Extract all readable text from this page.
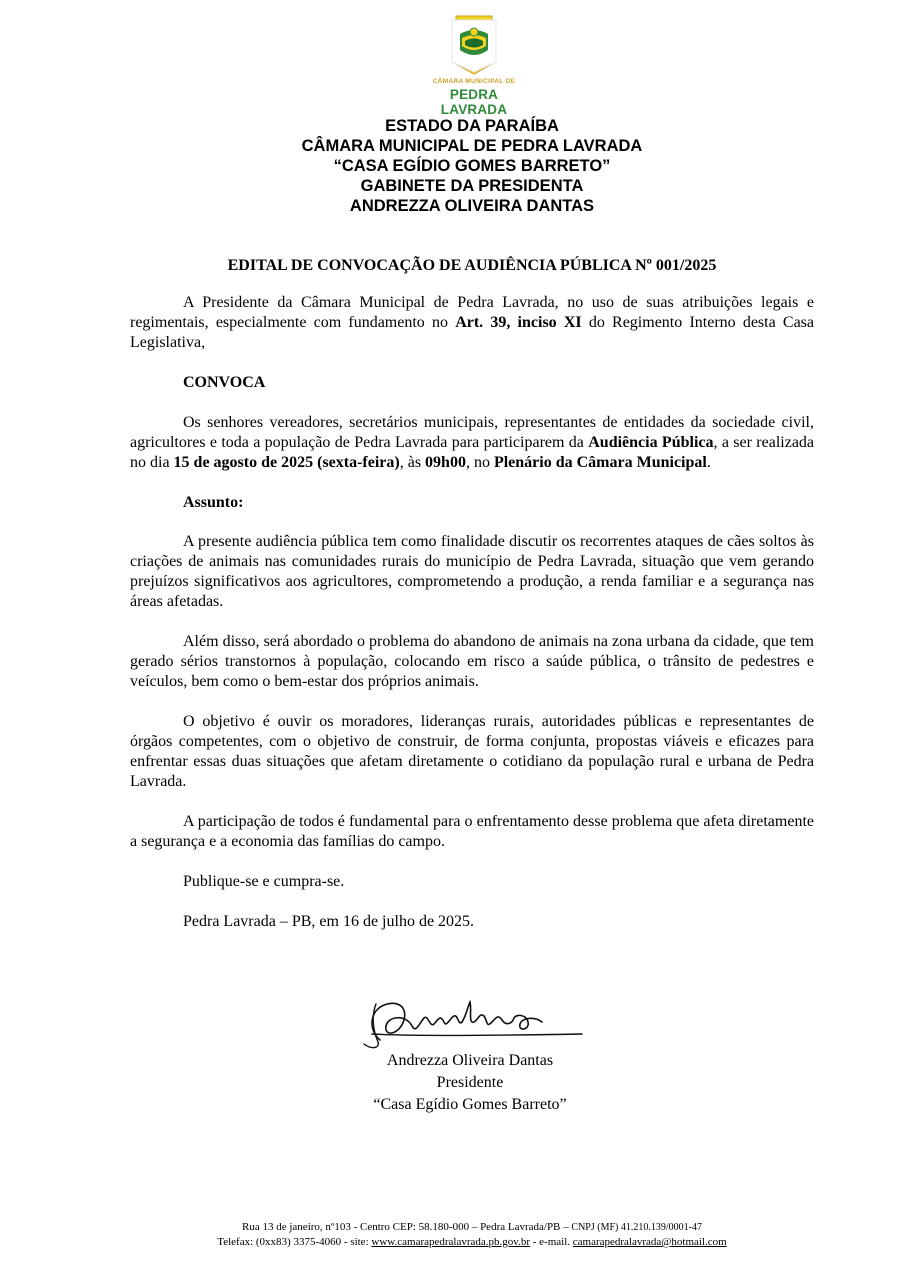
CÂMARA MUNICIPAL DE
PEDRA LAVRADA
ESTADO DA PARAÍBA
CÂMARA MUNICIPAL DE PEDRA LAVRADA
“CASA EGÍDIO GOMES BARRETO”
GABINETE DA PRESIDENTA
ANDREZZA OLIVEIRA DANTAS
EDITAL DE CONVOCAÇÃO DE AUDIÊNCIA PÚBLICA Nº 001/2025

A Presidente da Câmara Municipal de Pedra Lavrada, no uso de suas atribuições legais e regimentais, especialmente com fundamento no Art. 39, inciso XI do Regimento Interno desta Casa Legislativa,

CONVOCA

Os senhores vereadores, secretários municipais, representantes de entidades da sociedade civil, agricultores e toda a população de Pedra Lavrada para participarem da Audiência Pública, a ser realizada no dia 15 de agosto de 2025 (sexta-feira), às 09h00, no Plenário da Câmara Municipal.

Assunto:

A presente audiência pública tem como finalidade discutir os recorrentes ataques de cães soltos às criações de animais nas comunidades rurais do município de Pedra Lavrada, situação que vem gerando prejuízos significativos aos agricultores, comprometendo a produção, a renda familiar e a segurança nas áreas afetadas.

Além disso, será abordado o problema do abandono de animais na zona urbana da cidade, que tem gerado sérios transtornos à população, colocando em risco a saúde pública, o trânsito de pedestres e veículos, bem como o bem-estar dos próprios animais.

O objetivo é ouvir os moradores, lideranças rurais, autoridades públicas e representantes de órgãos competentes, com o objetivo de construir, de forma conjunta, propostas viáveis e eficazes para enfrentar essas duas situações que afetam diretamente o cotidiano da população rural e urbana de Pedra Lavrada.

A participação de todos é fundamental para o enfrentamento desse problema que afeta diretamente a segurança e a economia das famílias do campo.

Publique-se e cumpra-se.

Pedra Lavrada – PB, em 16 de julho de 2025.

Andrezza Oliveira Dantas
Presidente
“Casa Egídio Gomes Barreto”
Rua 13 de janeiro, nº103 - Centro CEP: 58.180-000 – Pedra Lavrada/PB – CNPJ (MF) 41.210.139/0001-47
Telefax: (0xx83) 3375-4060 - site: www.camarapedralavrada.pb.gov.br - e-mail. camarapedralavrada@hotmail.com
